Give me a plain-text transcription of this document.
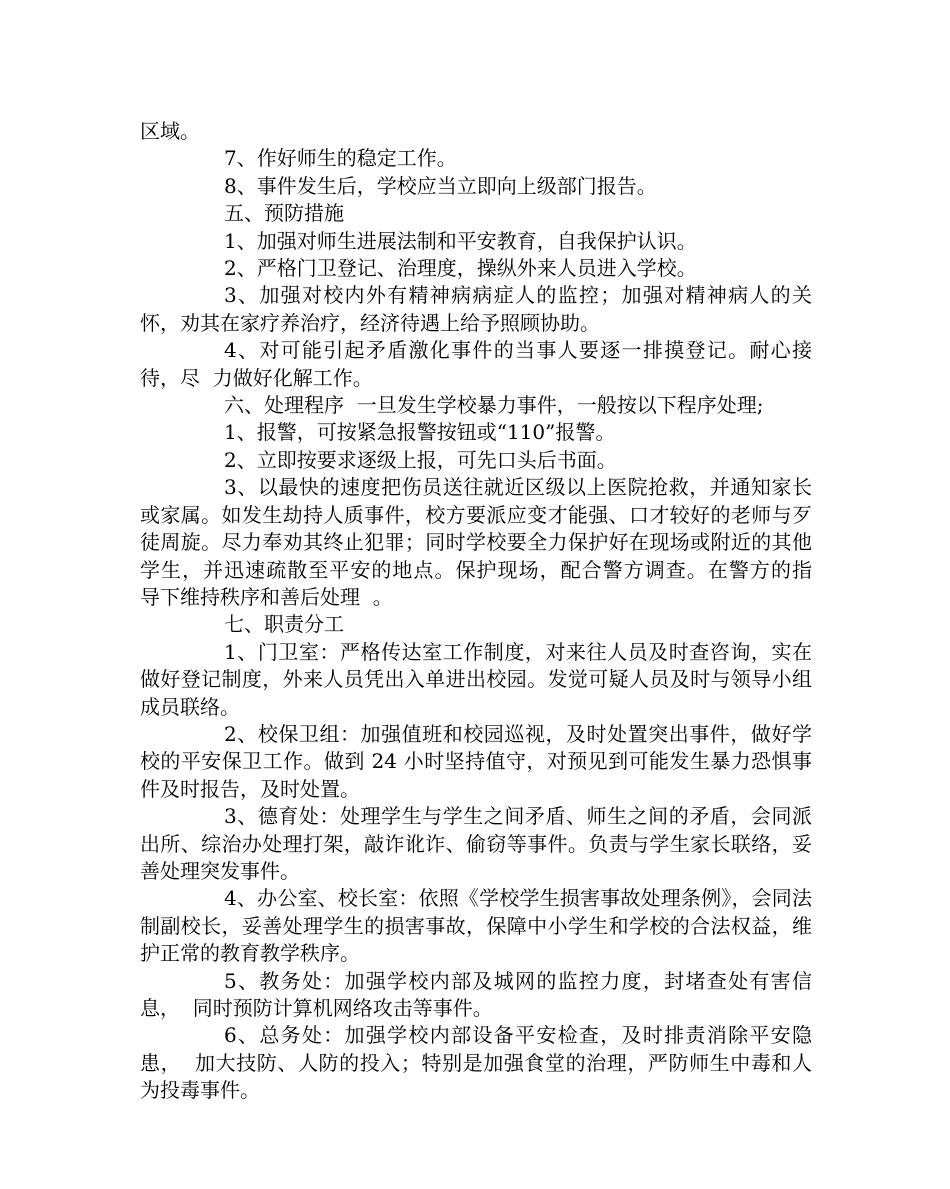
区域。

7、作好师生的稳定工作。

8、事件发生后，学校应当立即向上级部门报告。

五、预防措施

1、加强对师生进展法制和平安教育，自我保护认识。

2、严格门卫登记、治理度，操纵外来人员进入学校。

3、加强对校内外有精神病病症人的监控；加强对精神病人的关怀，劝其在家疗养治疗，经济待遇上给予照顾协助。

4、对可能引起矛盾激化事件的当事人要逐一排摸登记。耐心接待，尽  力做好化解工作。

六、处理程序  一旦发生学校暴力事件，一般按以下程序处理;

1、报警，可按紧急报警按钮或“110”报警。

2、立即按要求逐级上报，可先口头后书面。

3、以最快的速度把伤员送往就近区级以上医院抢救，并通知家长或家属。如发生劫持人质事件，校方要派应变才能强、口才较好的老师与歹徒周旋。尽力奉劝其终止犯罪；同时学校要全力保护好在现场或附近的其他学生，并迅速疏散至平安的地点。保护现场，配合警方调查。在警方的指  导下维持秩序和善后处理  。

七、职责分工

1、门卫室：严格传达室工作制度，对来往人员及时查咨询，实在做好登记制度，外来人员凭出入单进出校园。发觉可疑人员及时与领导小组成员联络。

2、校保卫组：加强值班和校园巡视，及时处置突出事件，做好学校的平安保卫工作。做到 24 小时坚持值守，对预见到可能发生暴力恐惧事件及时报告，及时处置。

3、德育处：处理学生与学生之间矛盾、师生之间的矛盾，会同派出所、综治办处理打架，敲诈讹诈、偷窃等事件。负责与学生家长联络，妥善处理突发事件。

4、办公室、校长室：依照《学校学生损害事故处理条例》，会同法制副校长，妥善处理学生的损害事故，保障中小学生和学校的合法权益，维护正常的教育教学秩序。

5、教务处：加强学校内部及城网的监控力度，封堵查处有害信息，  同时预防计算机网络攻击等事件。

6、总务处：加强学校内部设备平安检查，及时排责消除平安隐患，  加大技防、人防的投入；特别是加强食堂的治理，严防师生中毒和人为投毒事件。
